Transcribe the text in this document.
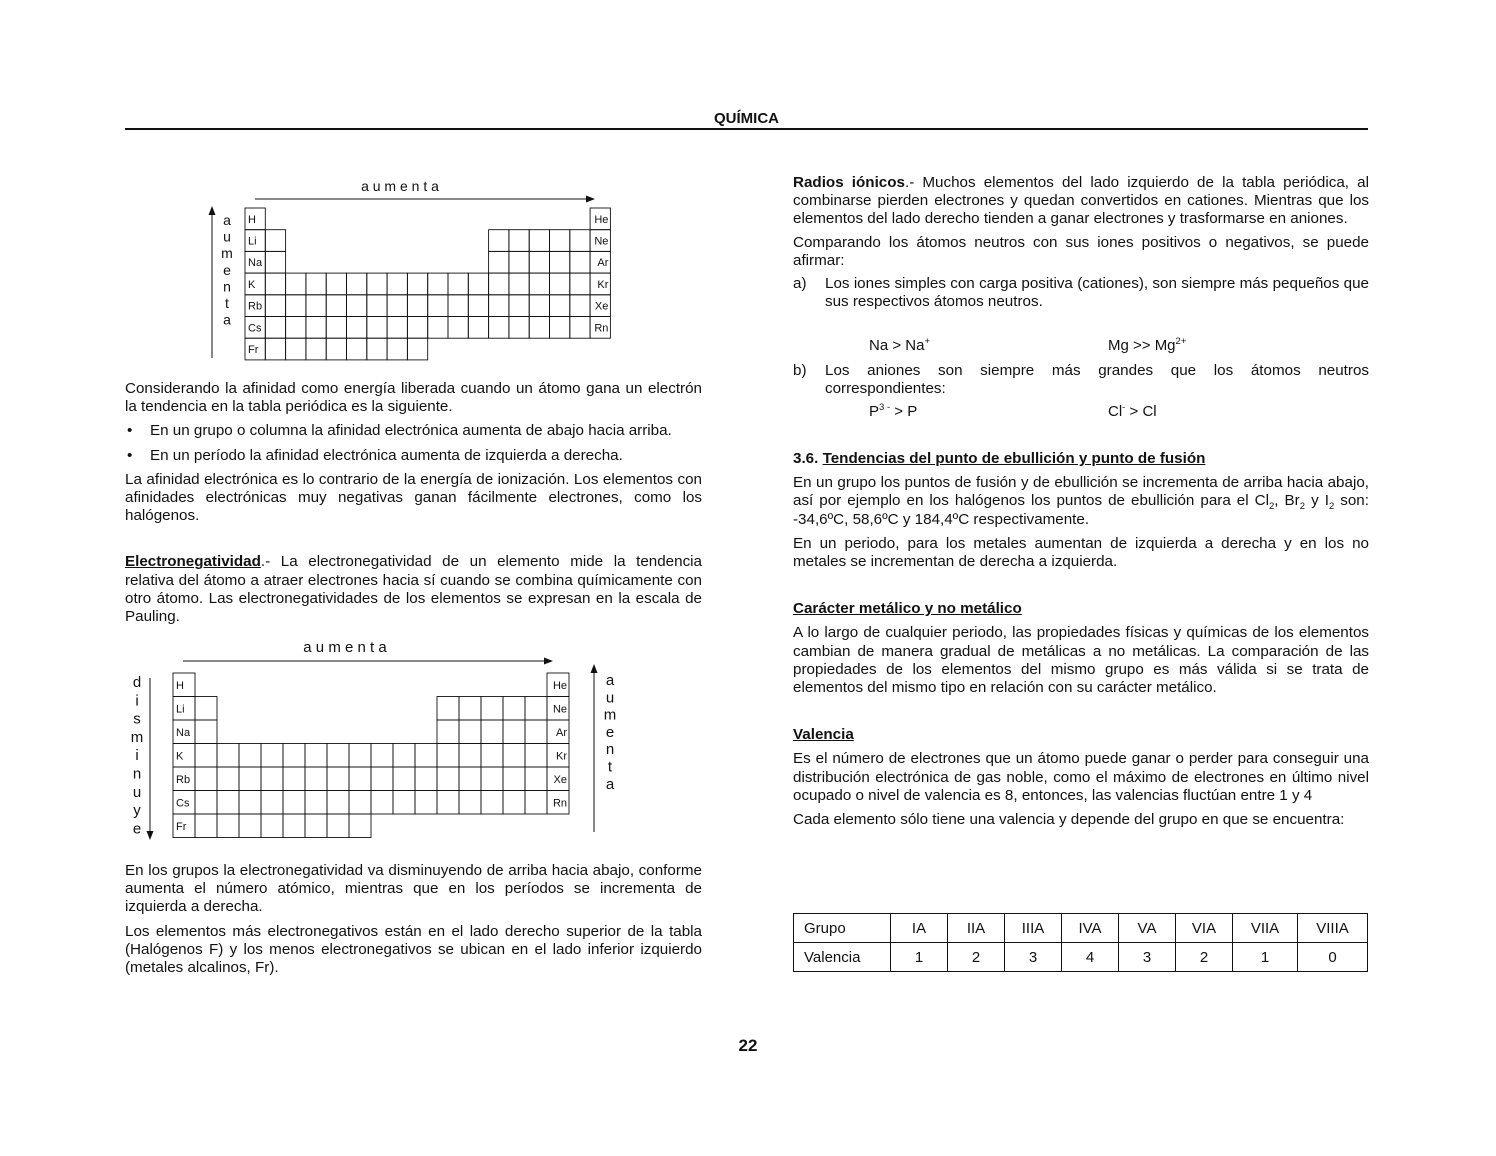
QUÍMICA
H
Li
Na
K
Rb
Cs
Fr
He
Ne
Ar
Kr
Xe
Rn
a u m e n t a
a
u
m
e
n
t
a

Considerando la afinidad como energía liberada cuando un átomo gana un electrón la tendencia en la tabla periódica es la siguiente.

• En un grupo o columna la afinidad electrónica aumenta de abajo hacia arriba.
• En un período la afinidad electrónica aumenta de izquierda a derecha.

La afinidad electrónica es lo contrario de la energía de ionización. Los elementos con afinidades electrónicas muy negativas ganan fácilmente electrones, como los halógenos.

Electronegatividad.- La electronegatividad de un elemento mide la tendencia relativa del átomo a atraer electrones hacia sí cuando se combina químicamente con otro átomo. Las electronegatividades de los elementos se expresan en la escala de Pauling.

H
Li
Na
K
Rb
Cs
Fr
He
Ne
Ar
Kr
Xe
Rn
a u m e n t a
a
u
m
e
n
t
a
d
i
s
m
i
n
u
y
e

En los grupos la electronegatividad va disminuyendo de arriba hacia abajo, conforme aumenta el número atómico, mientras que en los períodos se incrementa de izquierda a derecha.

Los elementos más electronegativos están en el lado derecho superior de la tabla (Halógenos F) y los menos electronegativos se ubican en el lado inferior izquierdo (metales alcalinos, Fr).

Radios iónicos.- Muchos elementos del lado izquierdo de la tabla periódica, al combinarse pierden electrones y quedan convertidos en cationes. Mientras que los elementos del lado derecho tienden a ganar electrones y trasformarse en aniones.

Comparando los átomos neutros con sus iones positivos o negativos, se puede afirmar:

a) Los iones simples con carga positiva (cationes), son siempre más pequeños que sus respectivos átomos neutros.
Na > Na+	$Mg >> Mg^{2+}$
b) Los aniones son siempre más grandes que los átomos neutros correspondientes:
$P^{3 -} > P$	Cl- > Cl

3.6. Tendencias del punto de ebullición y punto de fusión

En un grupo los puntos de fusión y de ebullición se incrementa de arriba hacia abajo, así por ejemplo en los halógenos los puntos de ebullición para el $Cl_2$, $Br_2$ y $I_2$ son: -34,6ºC, 58,6ºC y 184,4ºC respectivamente.

En un periodo, para los metales aumentan de izquierda a derecha y en los no metales se incrementan de derecha a izquierda.

Carácter metálico y no metálico

A lo largo de cualquier periodo, las propiedades físicas y químicas de los elementos cambian de manera gradual de metálicas a no metálicas. La comparación de las propiedades de los elementos del mismo grupo es más válida si se trata de elementos del mismo tipo en relación con su carácter metálico.

Valencia

Es el número de electrones que un átomo puede ganar o perder para conseguir una distribución electrónica de gas noble, como el máximo de electrones en último nivel ocupado o nivel de valencia es 8, entonces, las valencias fluctúan entre 1 y 4

Cada elemento sólo tiene una valencia y depende del grupo en que se encuentra:

Grupo	IA	IIA	IIIA	IVA	VA	VIA	VIIA	VIIIA
Valencia	1	2	3	4	3	2	1	0
22
